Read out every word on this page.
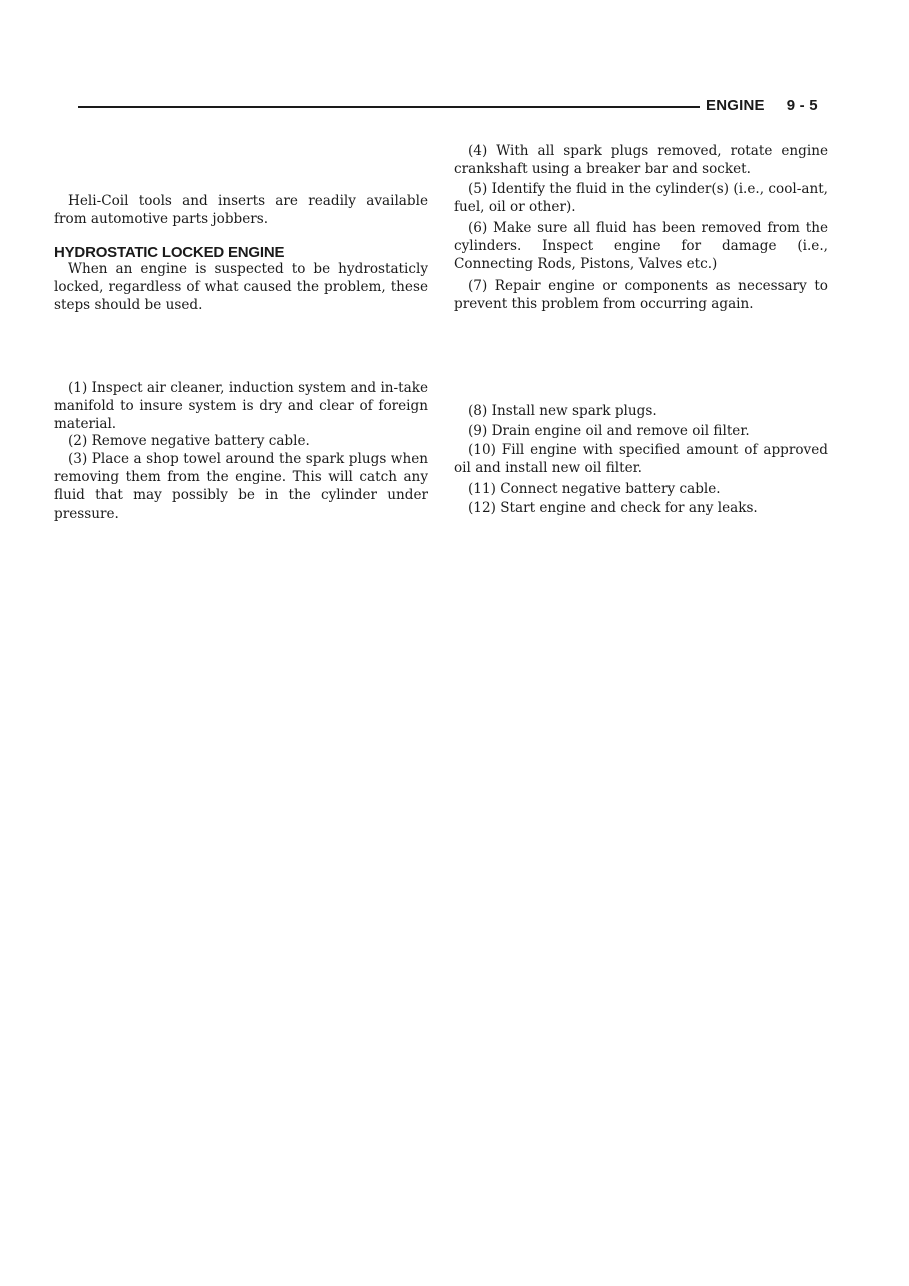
ENGINE 9 - 5

Heli-Coil tools and inserts are readily available from automotive parts jobbers.

HYDROSTATIC LOCKED ENGINE

When an engine is suspected to be hydrostaticly locked, regardless of what caused the problem, these steps should be used.

(1) Inspect air cleaner, induction system and in-take manifold to insure system is dry and clear of foreign material.

(2) Remove negative battery cable.

(3) Place a shop towel around the spark plugs when removing them from the engine. This will catch any fluid that may possibly be in the cylinder under pressure.

(4) With all spark plugs removed, rotate engine crankshaft using a breaker bar and socket.

(5) Identify the fluid in the cylinder(s) (i.e., cool-ant, fuel, oil or other).

(6) Make sure all fluid has been removed from the cylinders. Inspect engine for damage (i.e., Connecting Rods, Pistons, Valves etc.)

(7) Repair engine or components as necessary to prevent this problem from occurring again.

(8) Install new spark plugs.

(9) Drain engine oil and remove oil filter.

(10) Fill engine with specified amount of approved oil and install new oil filter.

(11) Connect negative battery cable.

(12) Start engine and check for any leaks.
